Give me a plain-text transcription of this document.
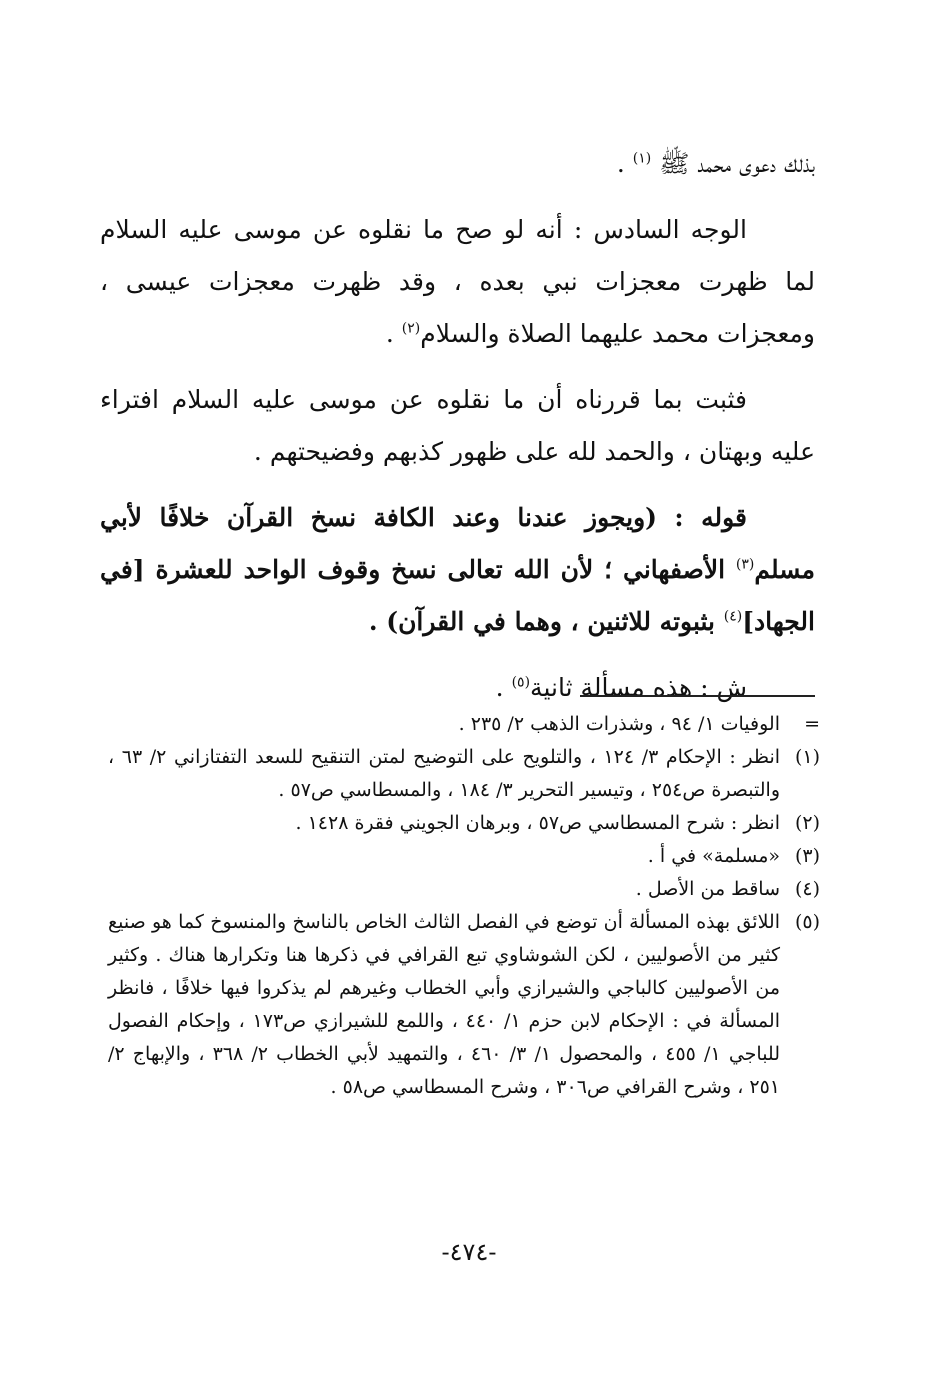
بذلك دعوى محمد ﷺ $^{(١)}$ .

الوجه السادس : أنه لو صح ما نقلوه عن موسى عليه السلام لما ظهرت معجزات نبي بعده ، وقد ظهرت معجزات عيسى ، ومعجزات محمد عليهما الصلاة والسلام$^{(٢)}$ .

فثبت بما قررناه أن ما نقلوه عن موسى عليه السلام افتراء عليه وبهتان ، والحمد لله على ظهور كذبهم وفضيحتهم .

قوله : (ويجوز عندنا وعند الكافة نسخ القرآن خلافًا لأبي مسلم$^{(٣)}$ الأصفهاني ؛ لأن الله تعالى نسخ وقوف الواحد للعشرة [في الجهاد]$^{(٤)}$ بثبوته للاثنين ، وهما في القرآن) .

ش : هذه مسألة ثانية$^{(٥)}$ .

=
الوفيات ١/ ٩٤ ، وشذرات الذهب ٢/ ٢٣٥ .
(١)
انظر : الإحكام ٣/ ١٢٤ ، والتلويح على التوضيح لمتن التنقيح للسعد التفتازاني ٢/ ٦٣ ، والتبصرة ص٢٥٤ ، وتيسير التحرير ٣/ ١٨٤ ، والمسطاسي ص٥٧ .
(٢)
انظر : شرح المسطاسي ص٥٧ ، وبرهان الجويني فقرة ١٤٢٨ .
(٣)
«مسلمة» في أ .
(٤)
ساقط من الأصل .
(٥)
اللائق بهذه المسألة أن توضع في الفصل الثالث الخاص بالناسخ والمنسوخ كما هو صنيع كثير من الأصوليين ، لكن الشوشاوي تبع القرافي في ذكرها هنا وتكرارها هناك . وكثير من الأصوليين كالباجي والشيرازي وأبي الخطاب وغيرهم لم يذكروا فيها خلافًا ، فانظر المسألة في : الإحكام لابن حزم ١/ ٤٤٠ ، واللمع للشيرازي ص١٧٣ ، وإحكام الفصول للباجي ١/ ٤٥٥ ، والمحصول ١/ ٣/ ٤٦٠ ، والتمهيد لأبي الخطاب ٢/ ٣٦٨ ، والإبهاج ٢/ ٢٥١ ، وشرح القرافي ص٣٠٦ ، وشرح المسطاسي ص٥٨ .
-٤٧٤-
